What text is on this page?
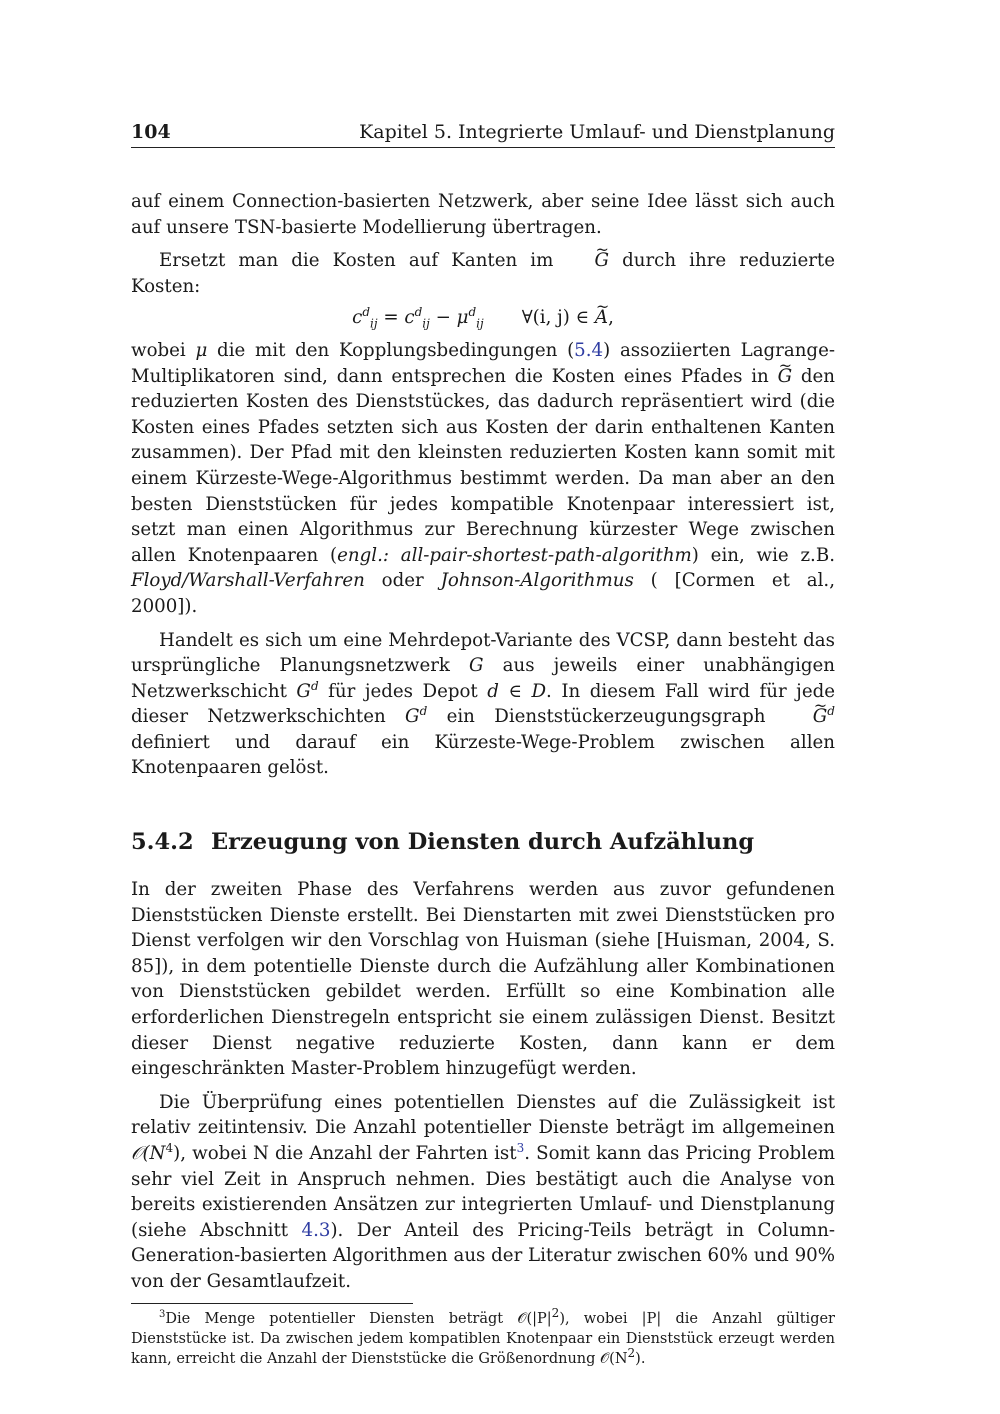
104	Kapitel 5. Integrierte Umlauf- und Dienstplanung

auf einem Connection-basierten Netzwerk, aber seine Idee lässt sich auch auf unsere TSN-basierte Modellierung übertragen.

Ersetzt man die Kosten auf Kanten im ~ G durch ihre reduzierte Kosten:

$c^d_{ij} = c^d_{ij} - \mu^d_{ij}$ ∀(i, j) ∈ ~ A,

wobei μ die mit den Kopplungsbedingungen (5.4) assoziierten Lagrange-Multiplikatoren sind, dann entsprechen die Kosten eines Pfades in ~ G den reduzierten Kosten des Dienststückes, das dadurch repräsentiert wird (die Kosten eines Pfades setzten sich aus Kosten der darin enthaltenen Kanten zusammen). Der Pfad mit den kleinsten reduzierten Kosten kann somit mit einem Kürzeste-Wege-Algorithmus bestimmt werden. Da man aber an den besten Dienststücken für jedes kompatible Knotenpaar interessiert ist, setzt man einen Algorithmus zur Berechnung kürzester Wege zwischen allen Knotenpaaren (engl.: all-pair-shortest-path-algorithm) ein, wie z.B. Floyd/Warshall-Verfahren oder Johnson-Algorithmus ( [Cormen et al., 2000]).

Handelt es sich um eine Mehrdepot-Variante des VCSP, dann besteht das ursprüngliche Planungsnetzwerk G aus jeweils einer unabhängigen Netzwerkschicht $G^d$ für jedes Depot d ∈ D. In diesem Fall wird für jede dieser Netzwerkschichten $G^d$ ein Dienststückerzeugungsgraph ~ $G^d$ definiert und darauf ein Kürzeste-Wege-Problem zwischen allen Knotenpaaren gelöst.

5.4.2 Erzeugung von Diensten durch Aufzählung

In der zweiten Phase des Verfahrens werden aus zuvor gefundenen Dienststücken Dienste erstellt. Bei Dienstarten mit zwei Dienststücken pro Dienst verfolgen wir den Vorschlag von Huisman (siehe [Huisman, 2004, S. 85]), in dem potentielle Dienste durch die Aufzählung aller Kombinationen von Dienststücken gebildet werden. Erfüllt so eine Kombination alle erforderlichen Dienstregeln entspricht sie einem zulässigen Dienst. Besitzt dieser Dienst negative reduzierte Kosten, dann kann er dem eingeschränkten Master-Problem hinzugefügt werden.

Die Überprüfung eines potentiellen Dienstes auf die Zulässigkeit ist relativ zeitintensiv. Die Anzahl potentieller Dienste beträgt im allgemeinen $𝒪(N^4)$, wobei N die Anzahl der Fahrten ist$^3$. Somit kann das Pricing Problem sehr viel Zeit in Anspruch nehmen. Dies bestätigt auch die Analyse von bereits existierenden Ansätzen zur integrierten Umlauf- und Dienstplanung (siehe Abschnitt 4.3). Der Anteil des Pricing-Teils beträgt in Column-Generation-basierten Algorithmen aus der Literatur zwischen 60% und 90% von der Gesamtlaufzeit.

$^3$Die Menge potentieller Diensten beträgt $𝒪(|P|^2)$, wobei |P| die Anzahl gültiger Dienststücke ist. Da zwischen jedem kompatiblen Knotenpaar ein Dienststück erzeugt werden kann, erreicht die Anzahl der Dienststücke die Größenordnung $𝒪(N^2)$.
